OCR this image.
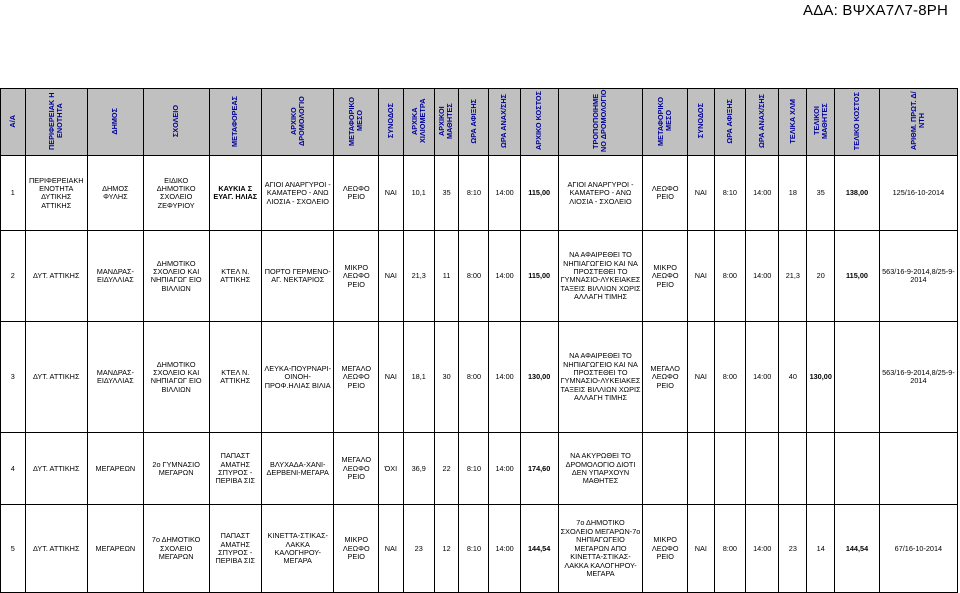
ΑΔΑ: ΒΨΧΑ7Λ7-8ΡΗ
Α/Α	ΠΕΡΙΦΕΡΕΙΑΚ Η ΕΝΟΤΗΤΑ	ΔΗΜΟΣ	ΣΧΟΛΕΙΟ	ΜΕΤΑΦΟΡΕΑΣ	ΑΡΧΙΚΟ ΔΡΟΜΟΛΟΓΙΟ	ΜΕΤΑΦΟΡΙΚΟ ΜΕΣΟ	ΣΥΝΟΔΟΣ	ΑΡΧΙΚΑ ΧΙΛΙΟΜΕΤΡΑ	ΑΡΧΙΚΟΙ ΜΑΘΗΤΕΣ	ΩΡΑ ΑΦΙΞΗΣ	ΩΡΑ ΑΝΑΧ/ΣΗΣ	ΑΡΧΙΚΟ ΚΟΣΤΟΣ	ΤΡΟΠΟΠΟΙΗΜΕ ΝΟ ΔΡΟΜΟΛΟΓΙΟ	ΜΕΤΑΦΟΡΙΚΟ ΜΕΣΟ	ΣΥΝΟΔΟΣ	ΩΡΑ ΑΦΙΞΗΣ	ΩΡΑ ΑΝΑΧ/ΣΗΣ	ΤΕΛΙΚΑ ΧΛΜ	ΤΕΛΙΚΟΙ ΜΑΘΗΤΕΣ	ΤΕΛΙΚΟ ΚΟΣΤΟΣ	ΑΡΙΘΜ. ΠΡΩΤ. Δ/ΝΤΗ
1	ΠΕΡΙΦΕΡΕΙΑΚΗ ΕΝΟΤΗΤΑ ΔΥΤΙΚΗΣ ΑΤΤΙΚΗΣ	ΔΗΜΟΣ ΦΥΛΗΣ	ΕΙΔΙΚΟ ΔΗΜΟΤΙΚΟ ΣΧΟΛΕΙΟ ΖΕΦΥΡΙΟΥ	ΚΑΥΚΙΑ Σ ΕΥΑΓ. ΗΛΙΑΣ	ΑΓΙΟΙ ΑΝΑΡΓΥΡΟΙ - ΚΑΜΑΤΕΡΟ - ΑΝΩ ΛΙΟΣΙΑ - ΣΧΟΛΕΙΟ	ΛΕΩΦΟ ΡΕΙΟ	ΝΑΙ	10,1	35	8:10	14:00	115,00	ΑΓΙΟΙ ΑΝΑΡΓΥΡΟΙ - ΚΑΜΑΤΕΡΟ - ΑΝΩ ΛΙΟΣΙΑ - ΣΧΟΛΕΙΟ	ΛΕΩΦΟ ΡΕΙΟ	ΝΑΙ	8:10	14:00	18	35	138,00	125/16-10-2014
2	ΔΥΤ. ΑΤΤΙΚΗΣ	ΜΑΝΔΡΑΣ-ΕΙΔΥΛΛΙΑΣ	ΔΗΜΟΤΙΚΟ ΣΧΟΛΕΙΟ ΚΑΙ ΝΗΠΙΑΓΩΓ ΕΙΟ ΒΙΛΛΙΩΝ	ΚΤΕΛ Ν. ΑΤΤΙΚΗΣ	ΠΟΡΤΟ ΓΕΡΜΕΝΟ-ΑΓ. ΝΕΚΤΑΡΙΟΣ	ΜΙΚΡΟ ΛΕΩΦΟ ΡΕΙΟ	ΝΑΙ	21,3	11	8:00	14:00	115,00	ΝΑ ΑΦΑΙΡΕΘΕΙ ΤΟ ΝΗΠΙΑΓΩΓΕΙΟ ΚΑΙ ΝΑ ΠΡΟΣΤΕΘΕΙ ΤΟ ΓΥΜΝΑΣΙΟ-ΛΥΚΕΙΑΚΕΣ ΤΑΞΕΙΣ ΒΙΛΛΙΩΝ ΧΩΡΙΣ ΑΛΛΑΓΗ ΤΙΜΗΣ	ΜΙΚΡΟ ΛΕΩΦΟ ΡΕΙΟ	ΝΑΙ	8:00	14:00	21,3	20	115,00	563/16-9-2014,8/25-9-2014
3	ΔΥΤ. ΑΤΤΙΚΗΣ	ΜΑΝΔΡΑΣ-ΕΙΔΥΛΛΙΑΣ	ΔΗΜΟΤΙΚΟ ΣΧΟΛΕΙΟ ΚΑΙ ΝΗΠΙΑΓΩΓ ΕΙΟ ΒΙΛΛΙΩΝ	ΚΤΕΛ Ν. ΑΤΤΙΚΗΣ	ΛΕΥΚΑ-ΠΟΥΡΝΑΡΙ-ΟΙΝΟΗ-ΠΡΟΦ.ΗΛΙΑΣ ΒΙΛΙΑ	ΜΕΓΑΛΟ ΛΕΩΦΟ ΡΕΙΟ	ΝΑΙ	18,1	30	8:00	14:00	130,00	ΝΑ ΑΦΑΙΡΕΘΕΙ ΤΟ ΝΗΠΙΑΓΩΓΕΙΟ ΚΑΙ ΝΑ ΠΡΟΣΤΕΘΕΙ ΤΟ ΓΥΜΝΑΣΙΟ-ΛΥΚΕΙΑΚΕΣ ΤΑΞΕΙΣ ΒΙΛΛΙΩΝ ΧΩΡΙΣ ΑΛΛΑΓΗ ΤΙΜΗΣ	ΜΕΓΑΛΟ ΛΕΩΦΟ ΡΕΙΟ	ΝΑΙ	8:00	14:00	40	130,00		563/16-9-2014,8/25-9-2014
4	ΔΥΤ. ΑΤΤΙΚΗΣ	ΜΕΓΑΡΕΩΝ	2ο ΓΥΜΝΑΣΙΟ ΜΕΓΑΡΩΝ	ΠΑΠΑΣΤ ΑΜΑΤΗΣ ΣΠΥΡΟΣ - ΠΕΡΙΒΑ ΣΙΣ	ΒΛΥΧΑΔΑ-ΧΑΝΙ-ΔΕΡΒΕΝΙ-ΜΕΓΑΡΑ	ΜΕΓΑΛΟ ΛΕΩΦΟ ΡΕΙΟ	ΌΧΙ	36,9	22	8:10	14:00	174,60	ΝΑ ΑΚΥΡΩΘΕΙ ΤΟ ΔΡΟΜΟΛΟΓΙΟ ΔΙΟΤΙ ΔΕΝ ΥΠΑΡΧΟΥΝ ΜΑΘΗΤΕΣ								
5	ΔΥΤ. ΑΤΤΙΚΗΣ	ΜΕΓΑΡΕΩΝ	7ο ΔΗΜΟΤΙΚΟ ΣΧΟΛΕΙΟ ΜΕΓΑΡΩΝ	ΠΑΠΑΣΤ ΑΜΑΤΗΣ ΣΠΥΡΟΣ - ΠΕΡΙΒΑ ΣΙΣ	ΚΙΝΕΤΤΑ-ΣΤΙΚΑΣ-ΛΑΚΚΑ ΚΑΛΟΓΗΡΟΥ-ΜΕΓΑΡΑ	ΜΙΚΡΟ ΛΕΩΦΟ ΡΕΙΟ	ΝΑΙ	23	12	8:10	14:00	144,54	7ο ΔΗΜΟΤΙΚΟ ΣΧΟΛΕΙΟ ΜΕΓΑΡΩΝ-7ο ΝΗΠΙΑΓΩΓΕΙΟ ΜΕΓΑΡΩΝ ΑΠΟ ΚΙΝΕΤΤΑ-ΣΤΙΚΑΣ-ΛΑΚΚΑ ΚΑΛΟΓΗΡΟΥ-ΜΕΓΑΡΑ	ΜΙΚΡΟ ΛΕΩΦΟ ΡΕΙΟ	ΝΑΙ	8:00	14:00	23	14	144,54	67/16-10-2014
